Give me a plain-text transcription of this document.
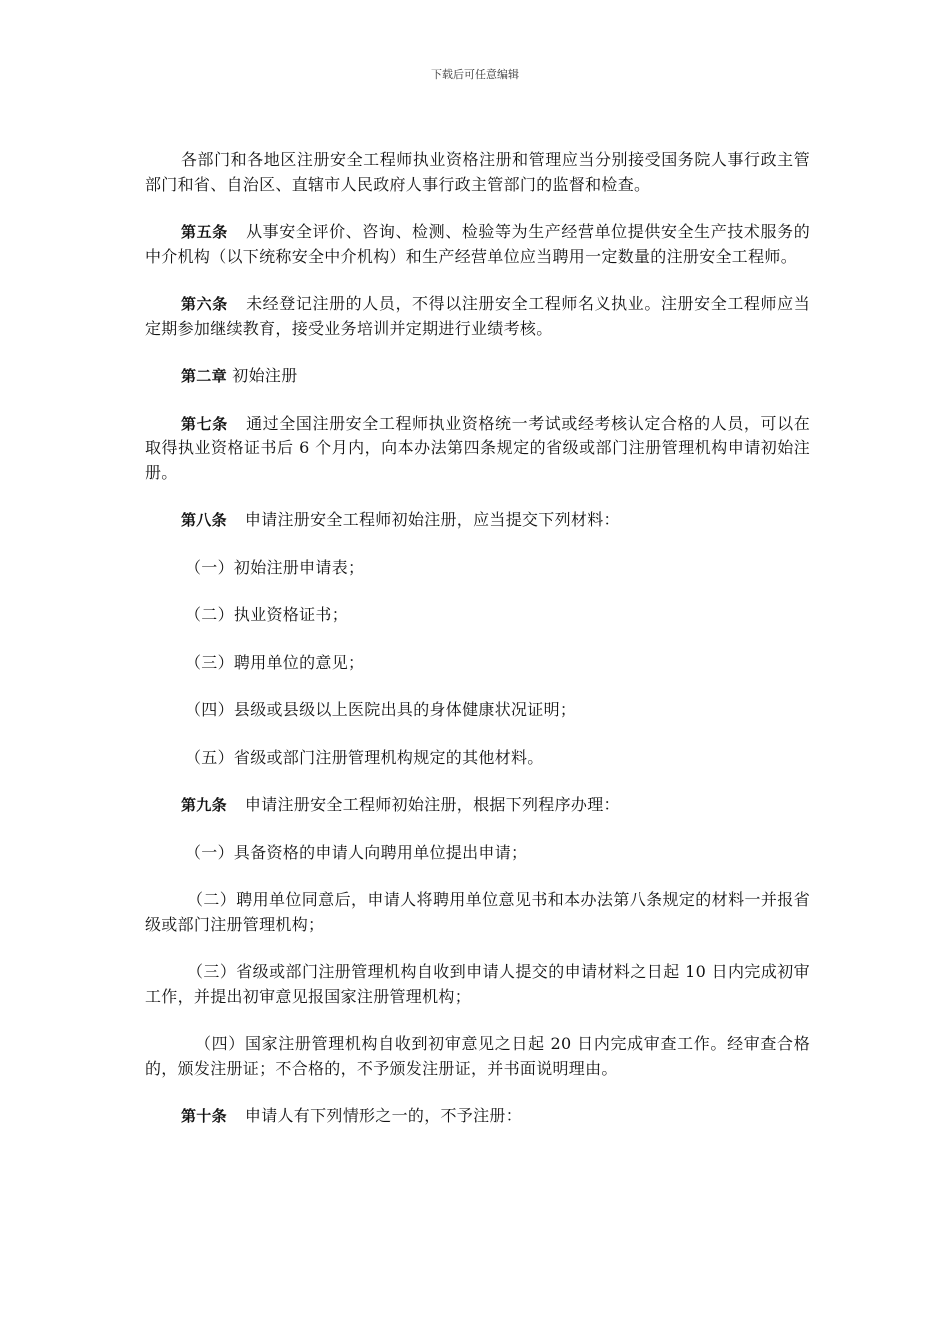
下载后可任意编辑

各部门和各地区注册安全工程师执业资格注册和管理应当分别接受国务院人事行政主管部门和省、自治区、直辖市人民政府人事行政主管部门的监督和检查。

第五条 从事安全评价、咨询、检测、检验等为生产经营单位提供安全生产技术服务的中介机构（以下统称安全中介机构）和生产经营单位应当聘用一定数量的注册安全工程师。

第六条 未经登记注册的人员，不得以注册安全工程师名义执业。注册安全工程师应当定期参加继续教育，接受业务培训并定期进行业绩考核。

第二章 初始注册

第七条 通过全国注册安全工程师执业资格统一考试或经考核认定合格的人员，可以在取得执业资格证书后 6 个月内，向本办法第四条规定的省级或部门注册管理机构申请初始注册。

第八条 申请注册安全工程师初始注册，应当提交下列材料：

（一）初始注册申请表；

（二）执业资格证书；

（三）聘用单位的意见；

（四）县级或县级以上医院出具的身体健康状况证明；

（五）省级或部门注册管理机构规定的其他材料。

第九条 申请注册安全工程师初始注册，根据下列程序办理：

（一）具备资格的申请人向聘用单位提出申请；

（二）聘用单位同意后，申请人将聘用单位意见书和本办法第八条规定的材料一并报省级或部门注册管理机构；

（三）省级或部门注册管理机构自收到申请人提交的申请材料之日起 10 日内完成初审工作，并提出初审意见报国家注册管理机构；

（四）国家注册管理机构自收到初审意见之日起 20 日内完成审查工作。经审查合格的，颁发注册证；不合格的，不予颁发注册证，并书面说明理由。

第十条 申请人有下列情形之一的，不予注册：
